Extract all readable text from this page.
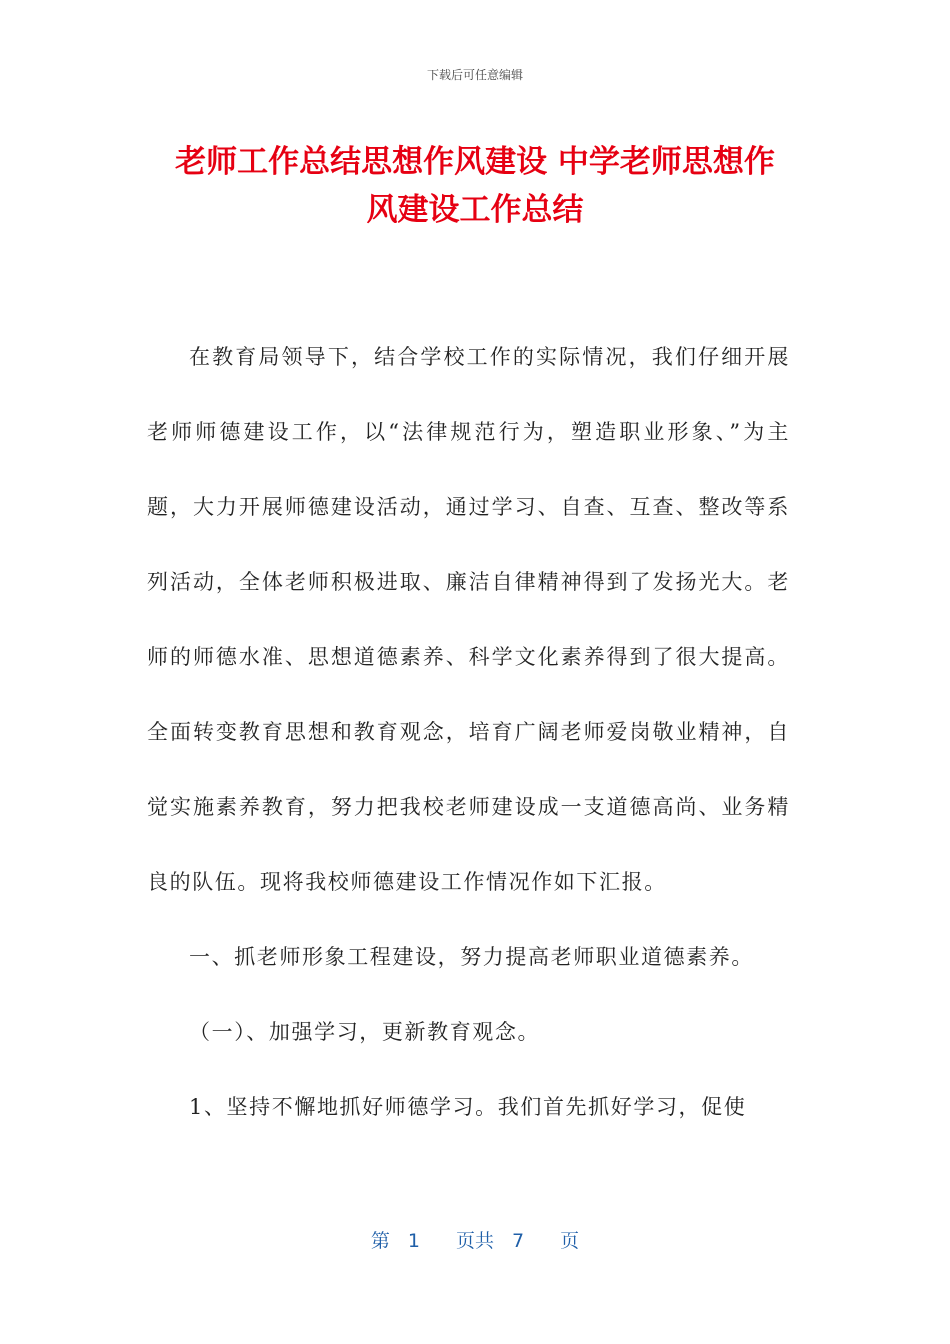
下载后可任意编辑
老师工作总结思想作风建设 中学老师思想作
风建设工作总结

在教育局领导下，结合学校工作的实际情况，我们仔细开展老师师德建设工作，以“法律规范行为，塑造职业形象、”为主题，大力开展师德建设活动，通过学习、自查、互查、整改等系列活动，全体老师积极进取、廉洁自律精神得到了发扬光大。老师的师德水准、思想道德素养、科学文化素养得到了很大提高。全面转变教育思想和教育观念，培育广阔老师爱岗敬业精神，自觉实施素养教育，努力把我校老师建设成一支道德高尚、业务精良的队伍。现将我校师德建设工作情况作如下汇报。

一、抓老师形象工程建设，努力提高老师职业道德素养。

（一）、加强学习，更新教育观念。

1、坚持不懈地抓好师德学习。我们首先抓好学习，促使

第 1 页共 7 页
